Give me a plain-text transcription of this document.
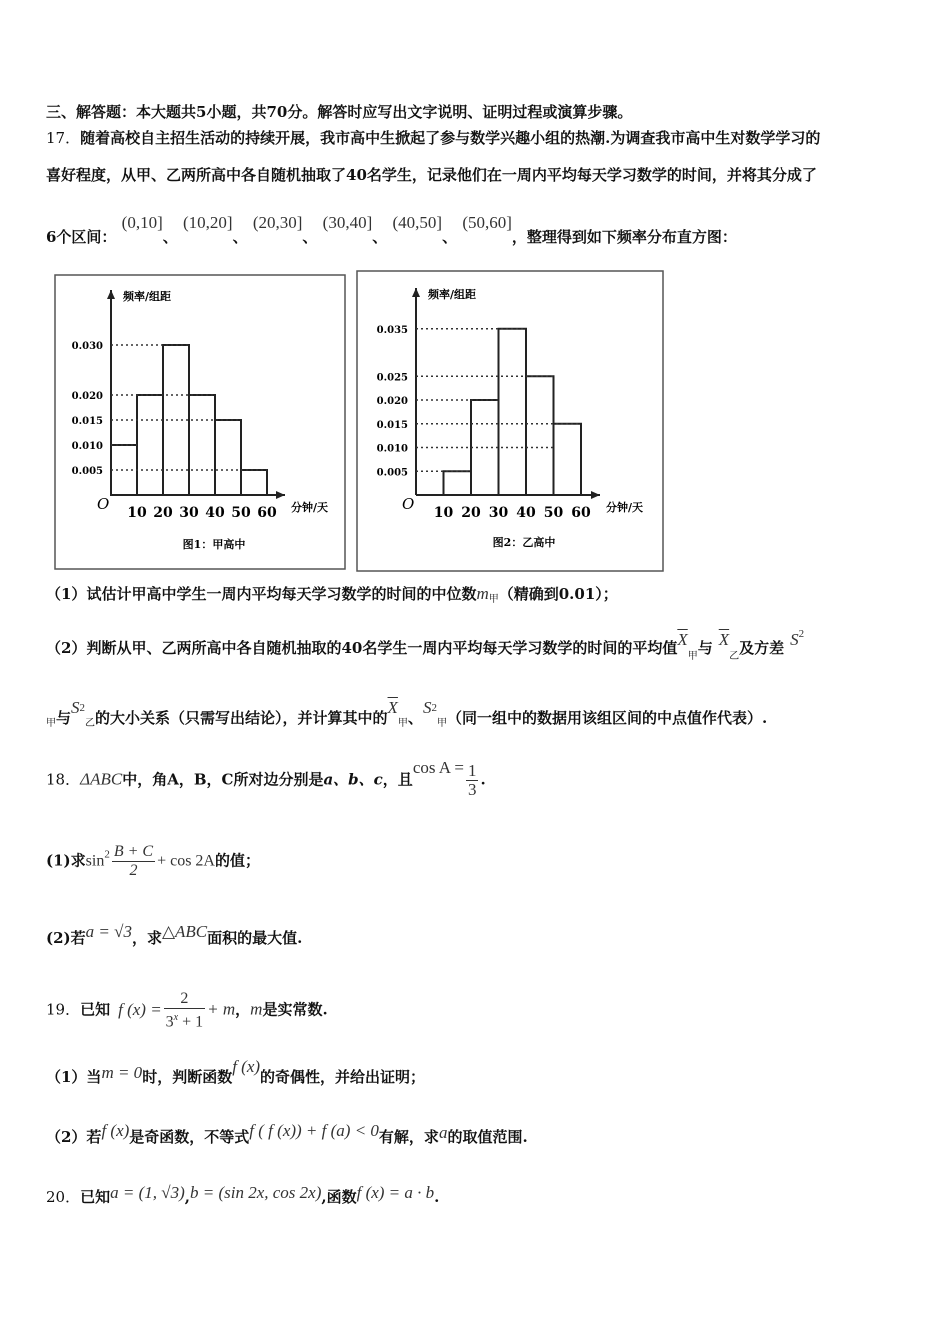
三、解答题：本大题共5小题，共70分。解答时应写出文字说明、证明过程或演算步骤。
17．随着高校自主招生活动的持续开展，我市高中生掀起了参与数学兴趣小组的热潮.为调查我市高中生对数学学习的
喜好程度，从甲、乙两所高中各自随机抽取了40名学生，记录他们在一周内平均每天学习数学的时间，并将其分成了
6个区间： (0,10]、 (10,20]、 (20,30]、 (30,40]、 (40,50]、 (50,60]，整理得到如下频率分布直方图：
0.030
0.020
0.015
0.010
0.005
10 20 30 40 50 60
O	分钟/天
频率/组距
图1：甲高中
0.035
0.025
0.020
0.015
0.010
0.005
10 20 30 40 50 60
O	分钟/天
频率/组距
图2：乙高中
（1）试估计甲高中学生一周内平均每天学习数学的时间的中位数$m_甲$（精确到0.01）；
（2）判断从甲、乙两所高中各自随机抽取的40名学生一周内平均每天学习数学的时间的平均值$\overline{X}_甲$与 $\overline{X}_乙$及方差 $S^2$
$_甲$与$S^2_乙$的大小关系（只需写出结论），并计算其中的$\overline{X}_甲$、$S^2_甲$（同一组中的数据用该组区间的中点值作代表）.
18．ΔABC中，角A，B，C所对边分别是a、b、c，且$\cos A = \frac{1}{3}$ .
(1)求$\sin^2 \frac{B + C}{2} + \cos 2A$的值；
(2)若a = √3，求△ABC面积的最大值.
19．已知 f $(x) = \frac{2}{3^x + 1} + m$，m是实常数.
（1）当m = 0时，判断函数f (x)的奇偶性，并给出证明；
（2）若f (x)是奇函数，不等式f ( f (x)) + f (a) < 0有解，求a的取值范围.
20．已知a = (1, √3),b = (sin 2x, cos 2x),函数f (x) = a · b.
